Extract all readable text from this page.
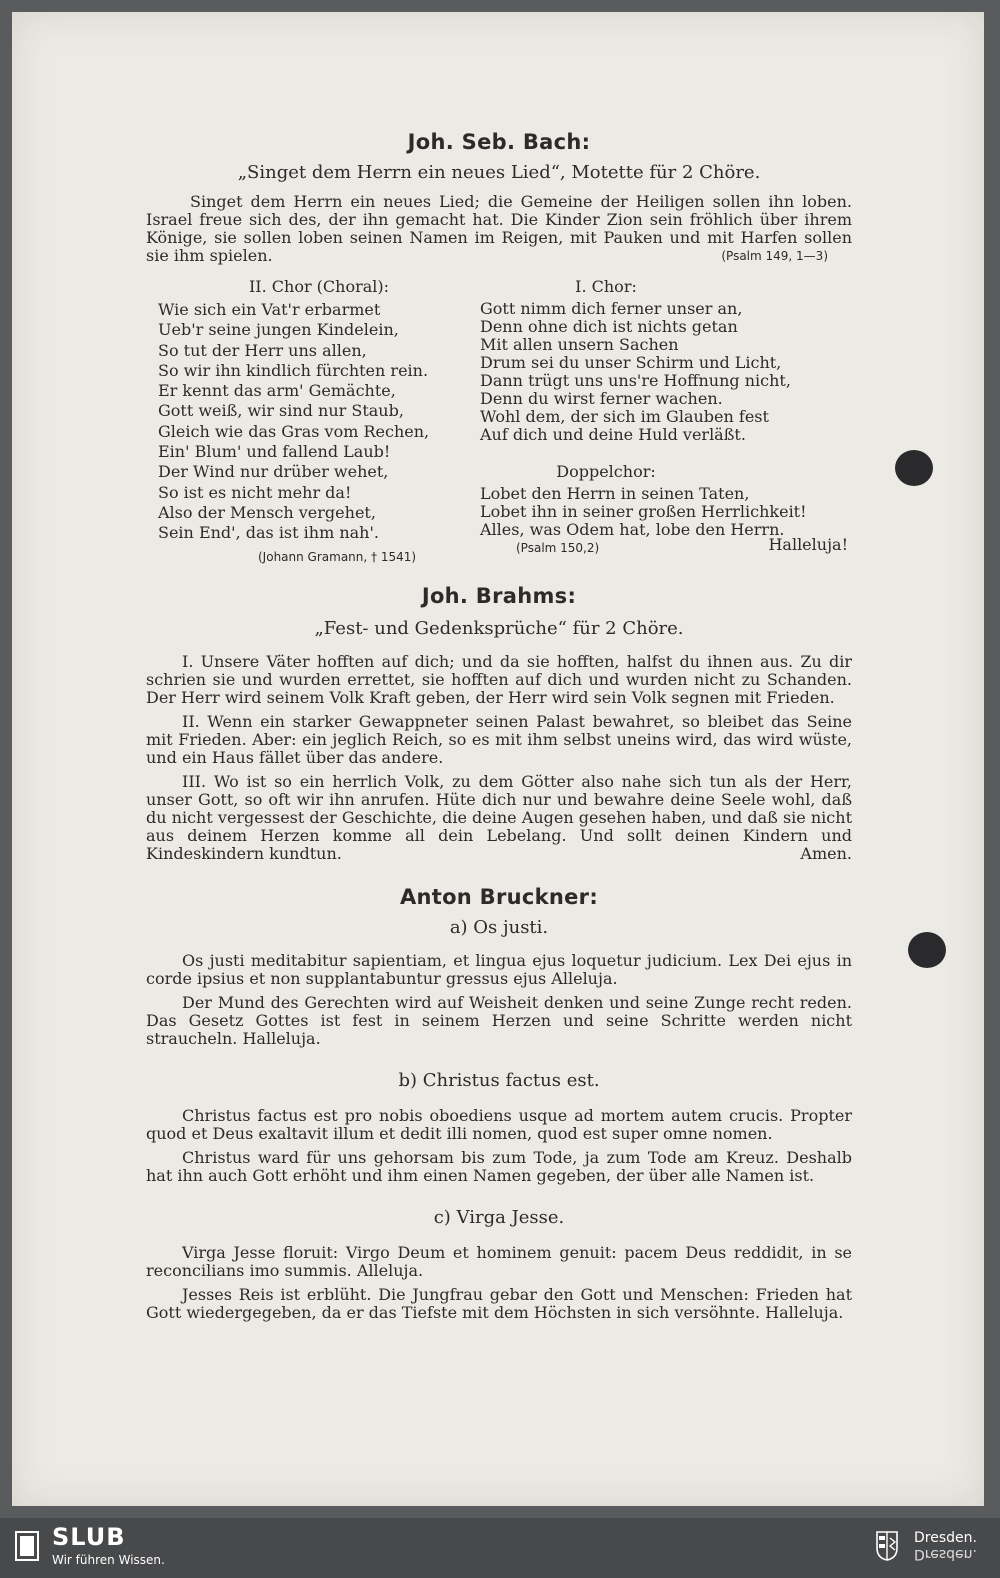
Joh. Seb. Bach:

„Singet dem Herrn ein neues Lied“, Motette für 2 Chöre.

Singet dem Herrn ein neues Lied; die Gemeine der Heiligen sollen ihn loben. Israel freue sich des, der ihn gemacht hat. Die Kinder Zion sein fröhlich über ihrem Könige, sie sollen loben seinen Namen im Reigen, mit Pauken und mit Harfen sollen sie ihm spielen.	(Psalm 149, 1—3)

II. Chor (Choral):

Wie sich ein Vat'r erbarmet
Ueb'r seine jungen Kindelein,
So tut der Herr uns allen,
So wir ihn kindlich fürchten rein.
Er kennt das arm' Gemächte,
Gott weiß, wir sind nur Staub,
Gleich wie das Gras vom Rechen,
Ein' Blum' und fallend Laub!
Der Wind nur drüber wehet,
So ist es nicht mehr da!
Also der Mensch vergehet,
Sein End', das ist ihm nah'.
(Johann Gramann, † 1541)

I. Chor:

Gott nimm dich ferner unser an,
Denn ohne dich ist nichts getan
Mit allen unsern Sachen
Drum sei du unser Schirm und Licht,
Dann trügt uns uns're Hoffnung nicht,
Denn du wirst ferner wachen.
Wohl dem, der sich im Glauben fest
Auf dich und deine Huld verläßt.

Doppelchor:

Lobet den Herrn in seinen Taten,
Lobet ihn in seiner großen Herrlichkeit!
Alles, was Odem hat, lobe den Herrn.
(Psalm 150,2)	Halleluja!
Joh. Brahms:

„Fest- und Gedenksprüche“ für 2 Chöre.

I. Unsere Väter hofften auf dich; und da sie hofften, halfst du ihnen aus. Zu dir schrien sie und wurden errettet, sie hofften auf dich und wurden nicht zu Schanden. Der Herr wird seinem Volk Kraft geben, der Herr wird sein Volk segnen mit Frieden.

II. Wenn ein starker Gewappneter seinen Palast bewahret, so bleibet das Seine mit Frieden. Aber: ein jeglich Reich, so es mit ihm selbst uneins wird, das wird wüste, und ein Haus fället über das andere.

III. Wo ist so ein herrlich Volk, zu dem Götter also nahe sich tun als der Herr, unser Gott, so oft wir ihn anrufen. Hüte dich nur und bewahre deine Seele wohl, daß du nicht vergessest der Geschichte, die deine Augen gesehen haben, und daß sie nicht aus deinem Herzen komme all dein Lebelang. Und sollt deinen Kindern und Kindeskindern kundtun.	Amen.

Anton Bruckner:

a) Os justi.

Os justi meditabitur sapientiam, et lingua ejus loquetur judicium. Lex Dei ejus in corde ipsius et non supplantabuntur gressus ejus Alleluja.

Der Mund des Gerechten wird auf Weisheit denken und seine Zunge recht reden. Das Gesetz Gottes ist fest in seinem Herzen und seine Schritte werden nicht straucheln. Halleluja.

b) Christus factus est.

Christus factus est pro nobis oboediens usque ad mortem autem crucis. Propter quod et Deus exaltavit illum et dedit illi nomen, quod est super omne nomen.

Christus ward für uns gehorsam bis zum Tode, ja zum Tode am Kreuz. Deshalb hat ihn auch Gott erhöht und ihm einen Namen gegeben, der über alle Namen ist.

c) Virga Jesse.

Virga Jesse floruit: Virgo Deum et hominem genuit: pacem Deus reddidit, in se reconcilians imo summis. Alleluja.

Jesses Reis ist erblüht. Die Jungfrau gebar den Gott und Menschen: Frieden hat Gott wiedergegeben, da er das Tiefste mit dem Höchsten in sich versöhnte. Halleluja.

SLUB
Wir führen Wissen.
Dresden.
Dresden.
